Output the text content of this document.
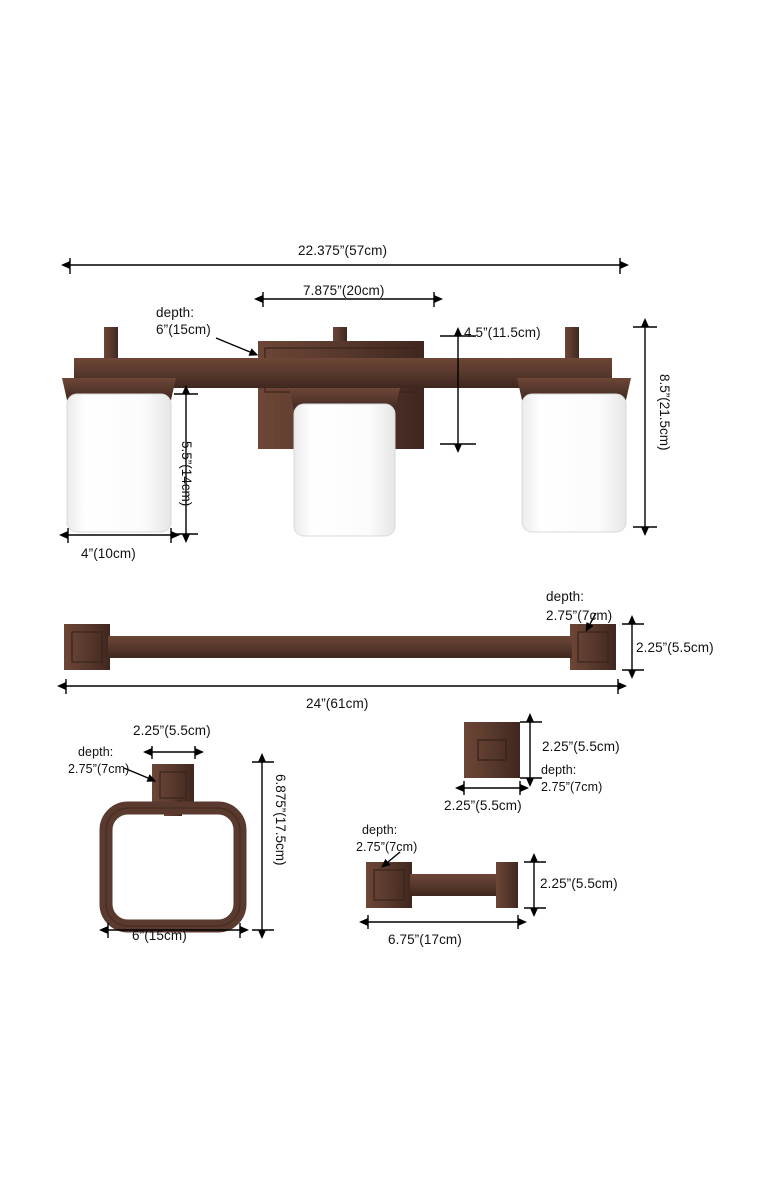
22.375”(57cm)
7.875”(20cm)
depth:
6”(15cm)	4.5”(11.5cm)
8.5”(21.5cm)
5.5”(14cm)
4”(10cm)
depth:
2.75”(7cm)
2.25”(5.5cm)
24”(61cm)
2.25”(5.5cm)
depth:
2.75”(7cm)
6.875”(17.5cm)
6”(15cm)
2.25”(5.5cm)
depth:
2.75”(7cm)
2.25”(5.5cm)
depth:
2.75”(7cm)
2.25”(5.5cm)
6.75”(17cm)
